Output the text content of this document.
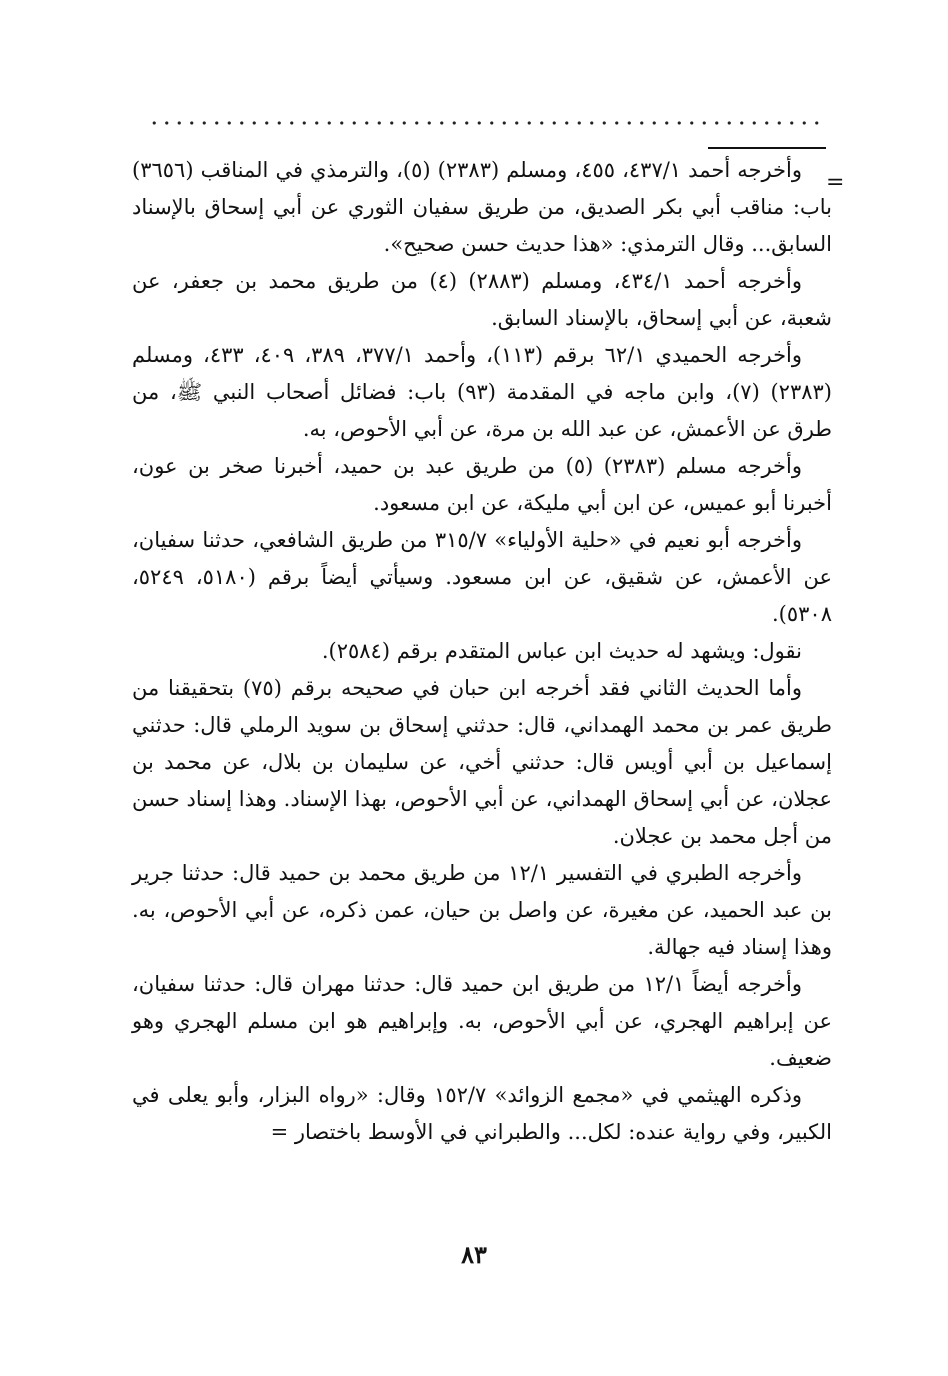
=

وأخرجه أحمد ٤٣٧/١، ٤٥٥، ومسلم (٢٣٨٣) (٥)، والترمذي في المناقب (٣٦٥٦) باب: مناقب أبي بكر الصديق، من طريق سفيان الثوري عن أبي إسحاق بالإسناد السابق... وقال الترمذي: «هذا حديث حسن صحيح».

وأخرجه أحمد ٤٣٤/١، ومسلم (٢٨٨٣) (٤) من طريق محمد بن جعفر، عن شعبة، عن أبي إسحاق، بالإسناد السابق.

وأخرجه الحميدي ٦٢/١ برقم (١١٣)، وأحمد ٣٧٧/١، ٣٨٩، ٤٠٩، ٤٣٣، ومسلم (٢٣٨٣) (٧)، وابن ماجه في المقدمة (٩٣) باب: فضائل أصحاب النبي ﷺ، من طرق عن الأعمش، عن عبد الله بن مرة، عن أبي الأحوص، به.

وأخرجه مسلم (٢٣٨٣) (٥) من طريق عبد بن حميد، أخبرنا صخر بن عون، أخبرنا أبو عميس، عن ابن أبي مليكة، عن ابن مسعود.

وأخرجه أبو نعيم في «حلية الأولياء» ٣١٥/٧ من طريق الشافعي، حدثنا سفيان، عن الأعمش، عن شقيق، عن ابن مسعود. وسيأتي أيضاً برقم (٥١٨٠، ٥٢٤٩، ٥٣٠٨).

نقول: ويشهد له حديث ابن عباس المتقدم برقم (٢٥٨٤).

وأما الحديث الثاني فقد أخرجه ابن حبان في صحيحه برقم (٧٥) بتحقيقنا من طريق عمر بن محمد الهمداني، قال: حدثني إسحاق بن سويد الرملي قال: حدثني إسماعيل بن أبي أويس قال: حدثني أخي، عن سليمان بن بلال، عن محمد بن عجلان، عن أبي إسحاق الهمداني، عن أبي الأحوص، بهذا الإسناد. وهذا إسناد حسن من أجل محمد بن عجلان.

وأخرجه الطبري في التفسير ١٢/١ من طريق محمد بن حميد قال: حدثنا جرير بن عبد الحميد، عن مغيرة، عن واصل بن حيان، عمن ذكره، عن أبي الأحوص، به. وهذا إسناد فيه جهالة.

وأخرجه أيضاً ١٢/١ من طريق ابن حميد قال: حدثنا مهران قال: حدثنا سفيان، عن إبراهيم الهجري، عن أبي الأحوص، به. وإبراهيم هو ابن مسلم الهجري وهو ضعيف.

وذكره الهيثمي في «مجمع الزوائد» ١٥٢/٧ وقال: «رواه البزار، وأبو يعلى في الكبير، وفي رواية عنده: لكل... والطبراني في الأوسط باختصار =

٨٣
